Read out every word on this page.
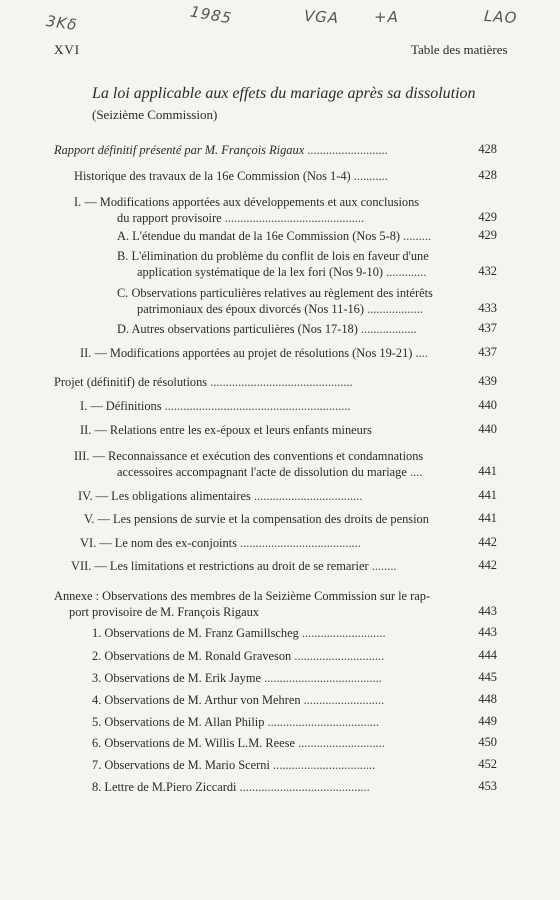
3Κδ	1985	VGA +A	LAO
XVI	Table des matières
La loi applicable aux effets du mariage après sa dissolution
(Seizième Commission)
Rapport définitif présenté par M. François Rigaux ..........................	428
Historique des travaux de la 16e Commission (Nos 1-4) ...........	428
I. — Modifications apportées aux développements et aux conclusions
du rapport provisoire .............................................	429
A. L'étendue du mandat de la 16e Commission (Nos 5-8) .........	429
B. L'élimination du problème du conflit de lois en faveur d'une
application systématique de la lex fori (Nos 9-10) .............	432
C. Observations particulières relatives au règlement des intérêts
patrimoniaux des époux divorcés (Nos 11-16) ..................	433
D. Autres observations particulières (Nos 17-18) ..................	437
II. — Modifications apportées au projet de résolutions (Nos 19-21) ....	437
Projet (définitif) de résolutions ..............................................	439
I. — Définitions ............................................................	440
II. — Relations entre les ex-époux et leurs enfants mineurs	440
III. — Reconnaissance et exécution des conventions et condamnations
accessoires accompagnant l'acte de dissolution du mariage ....	441
IV. — Les obligations alimentaires ...................................	441
V. — Les pensions de survie et la compensation des droits de pension	441
VI. — Le nom des ex-conjoints .......................................	442
VII. — Les limitations et restrictions au droit de se remarier ........	442
Annexe : Observations des membres de la Seizième Commission sur le rap-
port provisoire de M. François Rigaux	443
1. Observations de M. Franz Gamillscheg ...........................	443
2. Observations de M. Ronald Graveson .............................	444
3. Observations de M. Erik Jayme ......................................	445
4. Observations de M. Arthur von Mehren ..........................	448
5. Observations de M. Allan Philip ....................................	449
6. Observations de M. Willis L.M. Reese ............................	450
7. Observations de M. Mario Scerni .................................	452
8. Lettre de M.Piero Ziccardi ..........................................	453
